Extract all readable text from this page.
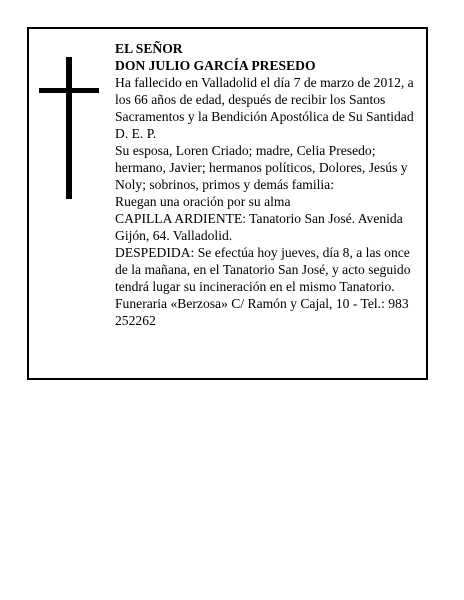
EL SEÑOR

DON JULIO GARCÍA PRESEDO

Ha fallecido en Valladolid el día 7 de marzo de 2012, a los 66 años de edad, después de recibir los Santos Sacramentos y la Bendición Apostólica de Su Santidad D. E. P.

Su esposa, Loren Criado; madre, Celia Presedo; hermano, Javier; hermanos políticos, Dolores, Jesús y Noly; sobrinos, primos y demás familia:

Ruegan una oración por su alma

CAPILLA ARDIENTE: Tanatorio San José. Avenida Gijón, 64. Valladolid.

DESPEDIDA: Se efectúa hoy jueves, día 8, a las once de la mañana, en el Tanatorio San José, y acto seguido tendrá lugar su incineración en el mismo Tanatorio.

Funeraria «Berzosa» C/ Ramón y Cajal, 10 - Tel.: 983 252262
